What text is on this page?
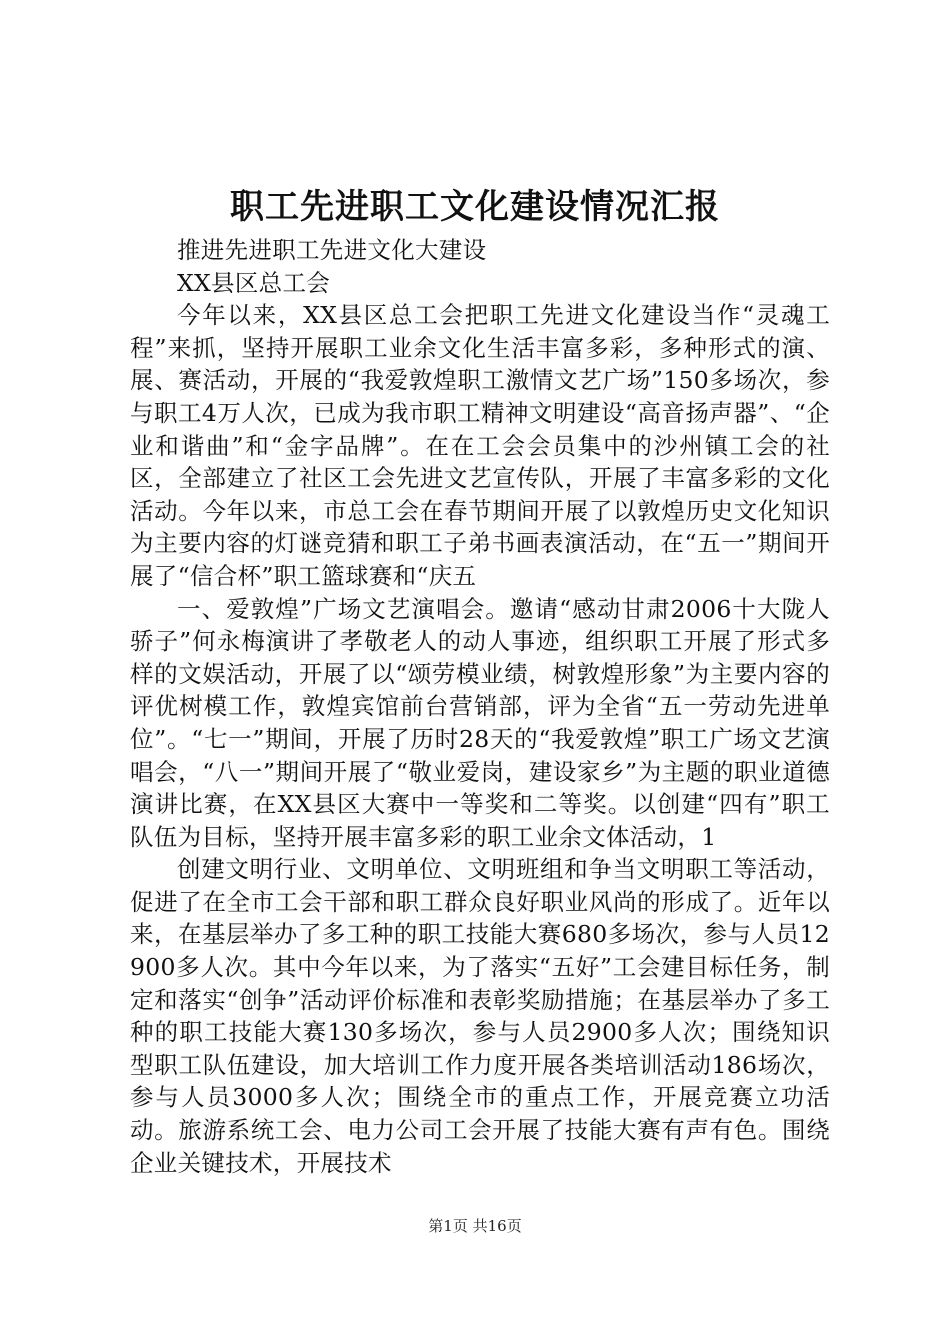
职工先进职工文化建设情况汇报

推进先进职工先进文化大建设

XX县区总工会

今年以来，XX县区总工会把职工先进文化建设当作“灵魂工程”来抓，坚持开展职工业余文化生活丰富多彩，多种形式的演、展、赛活动，开展的“我爱敦煌职工激情文艺广场”150多场次，参与职工4万人次，已成为我市职工精神文明建设“高音扬声器”、“企业和谐曲”和“金字品牌”。在在工会会员集中的沙州镇工会的社区，全部建立了社区工会先进文艺宣传队，开展了丰富多彩的文化活动。今年以来，市总工会在春节期间开展了以敦煌历史文化知识为主要内容的灯谜竞猜和职工子弟书画表演活动，在“五一”期间开展了“信合杯”职工篮球赛和“庆五

一、爱敦煌”广场文艺演唱会。邀请“感动甘肃2006十大陇人骄子”何永梅演讲了孝敬老人的动人事迹，组织职工开展了形式多样的文娱活动，开展了以“颂劳模业绩，树敦煌形象”为主要内容的评优树模工作，敦煌宾馆前台营销部，评为全省“五一劳动先进单位”。“七一”期间，开展了历时28天的“我爱敦煌”职工广场文艺演唱会，“八一”期间开展了“敬业爱岗，建设家乡”为主题的职业道德演讲比赛，在XX县区大赛中一等奖和二等奖。以创建“四有”职工队伍为目标，坚持开展丰富多彩的职工业余文体活动，1

创建文明行业、文明单位、文明班组和争当文明职工等活动，促进了在全市工会干部和职工群众良好职业风尚的形成了。近年以来，在基层举办了多工种的职工技能大赛680多场次，参与人员12900多人次。其中今年以来，为了落实“五好”工会建目标任务，制定和落实“创争”活动评价标准和表彰奖励措施；在基层举办了多工种的职工技能大赛130多场次，参与人员2900多人次；围绕知识型职工队伍建设，加大培训工作力度开展各类培训活动186场次，参与人员3000多人次；围绕全市的重点工作，开展竞赛立功活动。旅游系统工会、电力公司工会开展了技能大赛有声有色。围绕企业关键技术，开展技术

第1页 共16页
